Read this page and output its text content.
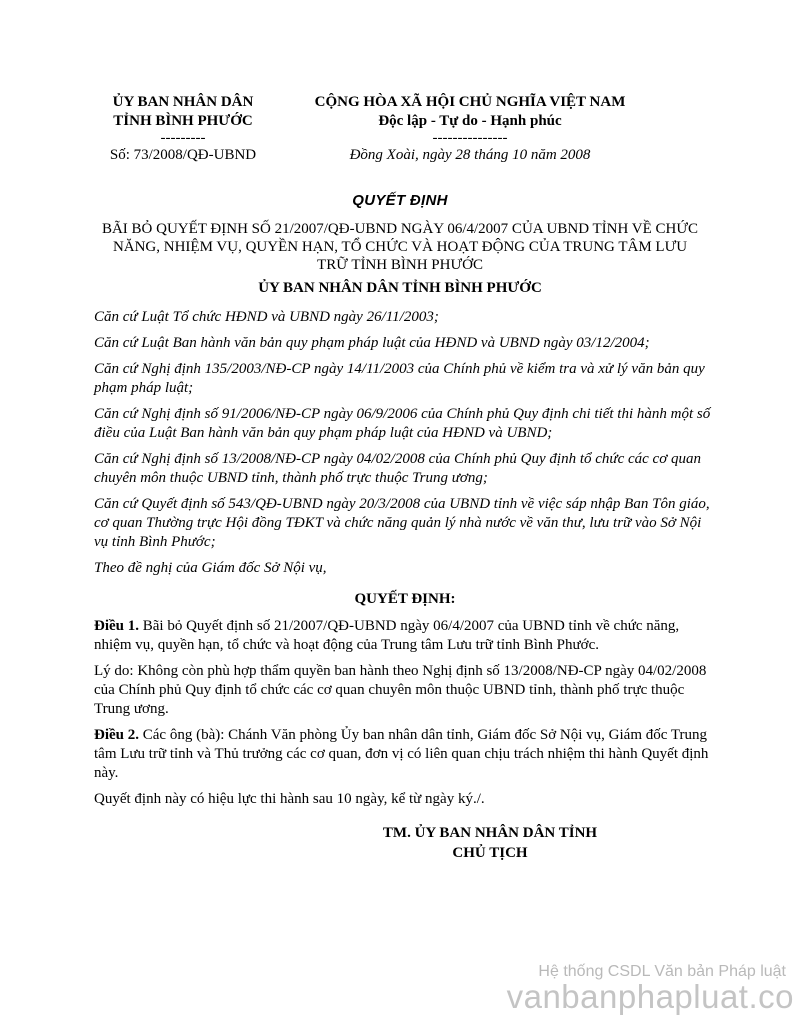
ỦY BAN NHÂN DÂN
TỈNH BÌNH PHƯỚC
---------
Số: 73/2008/QĐ-UBND
CỘNG HÒA XÃ HỘI CHỦ NGHĨA VIỆT NAM
Độc lập - Tự do - Hạnh phúc
---------------
Đồng Xoài, ngày 28 tháng 10 năm 2008
QUYẾT ĐỊNH
BÃI BỎ QUYẾT ĐỊNH SỐ 21/2007/QĐ-UBND NGÀY 06/4/2007 CỦA UBND TỈNH VỀ CHỨC NĂNG, NHIỆM VỤ, QUYỀN HẠN, TỔ CHỨC VÀ HOẠT ĐỘNG CỦA TRUNG TÂM LƯU TRỮ TỈNH BÌNH PHƯỚC
ỦY BAN NHÂN DÂN TỈNH BÌNH PHƯỚC

Căn cứ Luật Tổ chức HĐND và UBND ngày 26/11/2003;

Căn cứ Luật Ban hành văn bản quy phạm pháp luật của HĐND và UBND ngày 03/12/2004;

Căn cứ Nghị định 135/2003/NĐ-CP ngày 14/11/2003 của Chính phủ về kiểm tra và xử lý văn bản quy phạm pháp luật;

Căn cứ Nghị định số 91/2006/NĐ-CP ngày 06/9/2006 của Chính phủ Quy định chi tiết thi hành một số điều của Luật Ban hành văn bản quy phạm pháp luật của HĐND và UBND;

Căn cứ Nghị định số 13/2008/NĐ-CP ngày 04/02/2008 của Chính phủ Quy định tổ chức các cơ quan chuyên môn thuộc UBND tỉnh, thành phố trực thuộc Trung ương;

Căn cứ Quyết định số 543/QĐ-UBND ngày 20/3/2008 của UBND tỉnh về việc sáp nhập Ban Tôn giáo, cơ quan Thường trực Hội đồng TĐKT và chức năng quản lý nhà nước về văn thư, lưu trữ vào Sở Nội vụ tỉnh Bình Phước;

Theo đề nghị của Giám đốc Sở Nội vụ,

QUYẾT ĐỊNH:

Điều 1. Bãi bỏ Quyết định số 21/2007/QĐ-UBND ngày 06/4/2007 của UBND tỉnh về chức năng, nhiệm vụ, quyền hạn, tổ chức và hoạt động của Trung tâm Lưu trữ tỉnh Bình Phước.

Lý do: Không còn phù hợp thẩm quyền ban hành theo Nghị định số 13/2008/NĐ-CP ngày 04/02/2008 của Chính phủ Quy định tổ chức các cơ quan chuyên môn thuộc UBND tỉnh, thành phố trực thuộc Trung ương.

Điều 2. Các ông (bà): Chánh Văn phòng Ủy ban nhân dân tỉnh, Giám đốc Sở Nội vụ, Giám đốc Trung tâm Lưu trữ tỉnh và Thủ trưởng các cơ quan, đơn vị có liên quan chịu trách nhiệm thi hành Quyết định này.

Quyết định này có hiệu lực thi hành sau 10 ngày, kể từ ngày ký./.

TM. ỦY BAN NHÂN DÂN TỈNH
CHỦ TỊCH
Hệ thống CSDL Văn bản Pháp luật
vanbanphapluat.co
